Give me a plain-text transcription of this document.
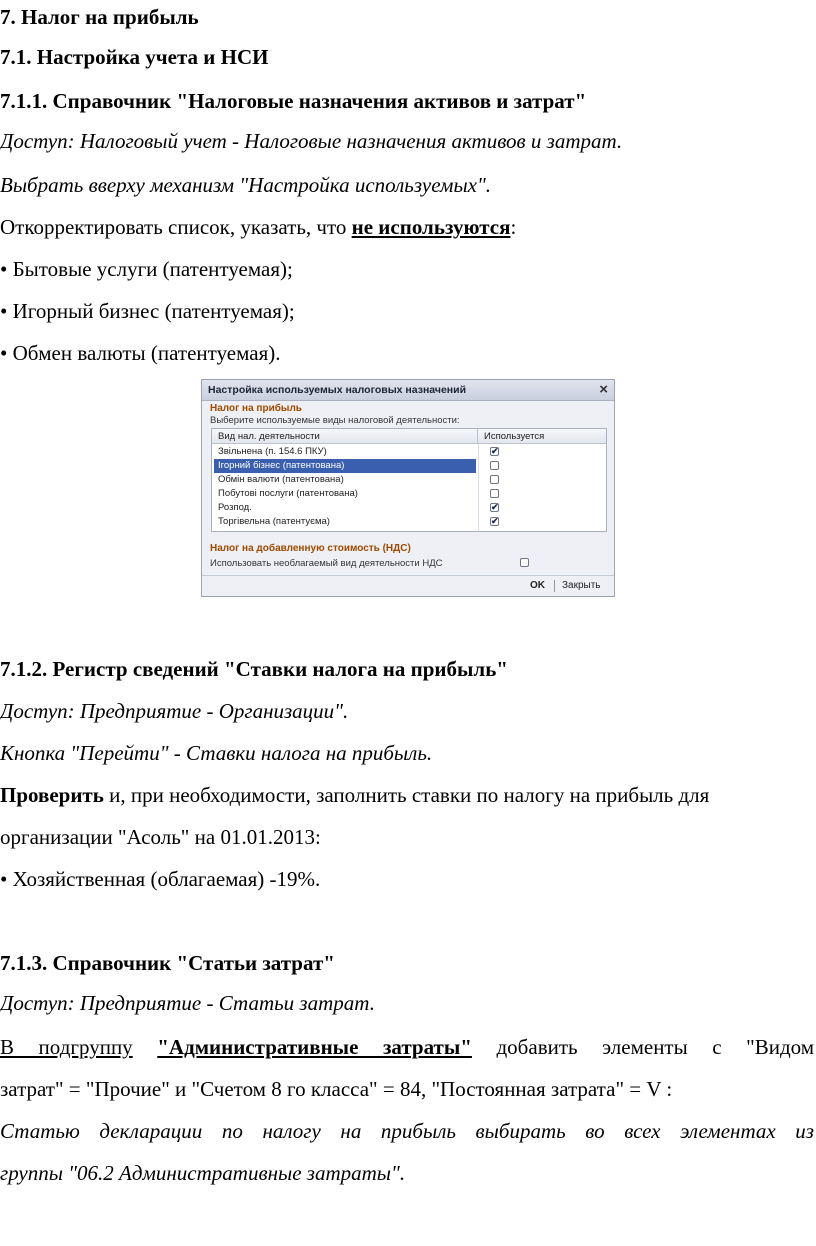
7. Налог на прибыль
7.1. Настройка учета и НСИ
7.1.1. Справочник "Налоговые назначения активов и затрат"
Доступ: Налоговый учет - Налоговые назначения активов и затрат.
Выбрать вверху механизм "Настройка используемых".
Откорректировать список, указать, что не используются:
• Бытовые услуги (патентуемая);
• Игорный бизнес (патентуемая);
• Обмен валюты (патентуемая).
Настройка используемых налоговых назначений	×
Налог на прибыль
Выберите используемые виды налоговой деятельности:
Вид нал. деятельности	Используется
Звільнена (п. 154.6 ПКУ)	✔
Ігорний бізнес (патентована)
Обмін валюти (патентована)
Побутові послуги (патентована)
Розпод.	✔
Торгівельна (патентуєма)	✔
Налог на добавленную стоимость (НДС)
Использовать необлагаемый вид деятельности НДС
OK Закрыть
7.1.2. Регистр сведений "Ставки налога на прибыль"
Доступ: Предприятие - Организации".
Кнопка "Перейти" - Ставки налога на прибыль.
Проверить и, при необходимости, заполнить ставки по налогу на прибыль для
организации "Асоль" на 01.01.2013:
• Хозяйственная (облагаемая) -19%.
7.1.3. Справочник "Статьи затрат"
Доступ: Предприятие - Статьи затрат.
В подгруппу "Административные затраты" добавить элементы с "Видом
затрат" = "Прочие" и "Счетом 8 го класса" = 84, "Постоянная затрата" = V :
Статью декларации по налогу на прибыль выбирать во всех элементах из
группы "06.2 Административные затраты".
